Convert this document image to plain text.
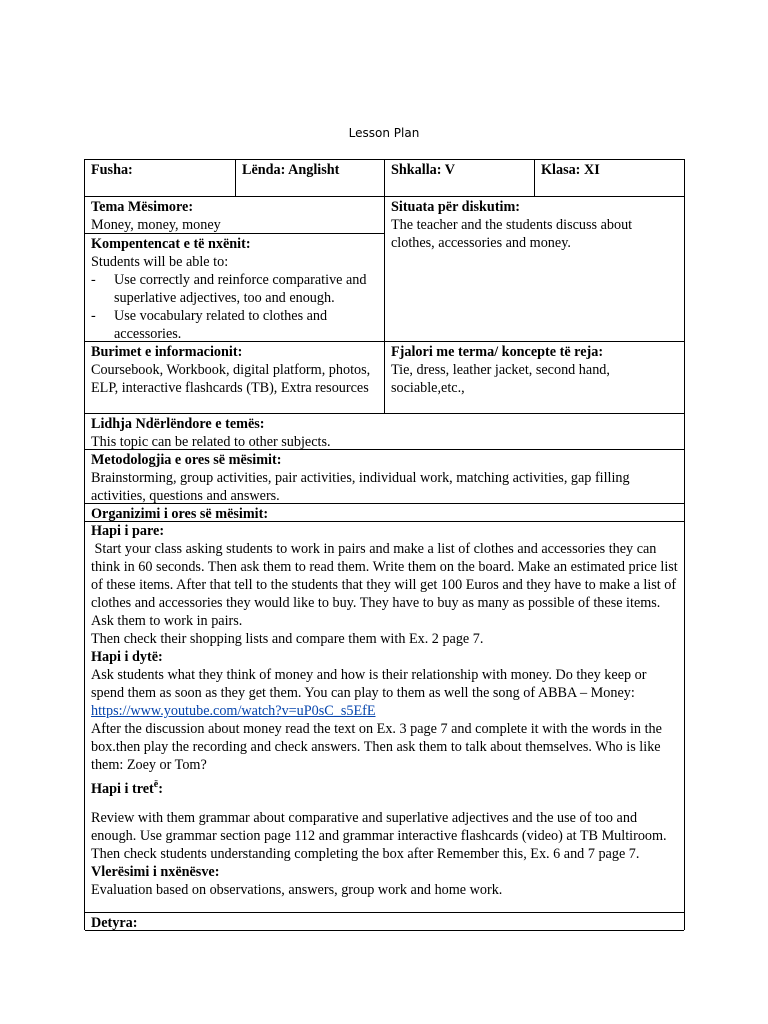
Lesson Plan
Fusha:	Lënda: Anglisht	Shkalla: V	Klasa: XI
Tema Mësimore:
Money, money, money
Situata për diskutim:
The teacher and the students discuss about clothes, accessories and money.
Kompentencat e të nxënit:
Students will be able to:
- Use correctly and reinforce comparative and superlative adjectives, too and enough.
- Use vocabulary related to clothes and accessories.
Burimet e informacionit:
Coursebook, Workbook, digital platform, photos, ELP, interactive flashcards (TB), Extra resources
Fjalori me terma/ koncepte të reja:
Tie, dress, leather jacket, second hand, sociable,etc.,
Lidhja Ndërlëndore e temës:
This topic can be related to other subjects.
Metodologjia e ores së mësimit:
Brainstorming, group activities, pair activities, individual work, matching activities, gap filling activities, questions and answers.
Organizimi i ores së mësimit:
Hapi i pare:
Start your class asking students to work in pairs and make a list of clothes and accessories they can think in 60 seconds. Then ask them to read them. Write them on the board. Make an estimated price list of these items. After that tell to the students that they will get 100 Euros and they have to make a list of clothes and accessories they would like to buy. They have to buy as many as possible of these items. Ask them to work in pairs.
Then check their shopping lists and compare them with Ex. 2 page 7.
Hapi i dytë:
Ask students what they think of money and how is their relationship with money. Do they keep or spend them as soon as they get them. You can play to them as well the song of ABBA – Money: https://www.youtube.com/watch?v=uP0sC_s5EfE
After the discussion about money read the text on Ex. 3 page 7 and complete it with the words in the box.then play the recording and check answers. Then ask them to talk about themselves. Who is like them: Zoey or Tom?
Hapi i tret$^ë$:
Review with them grammar about comparative and superlative adjectives and the use of too and enough. Use grammar section page 112 and grammar interactive flashcards (video) at TB Multiroom. Then check students understanding completing the box after Remember this, Ex. 6 and 7 page 7.
Vlerësimi i nxënësve:
Evaluation based on observations, answers, group work and home work.
Detyra:
